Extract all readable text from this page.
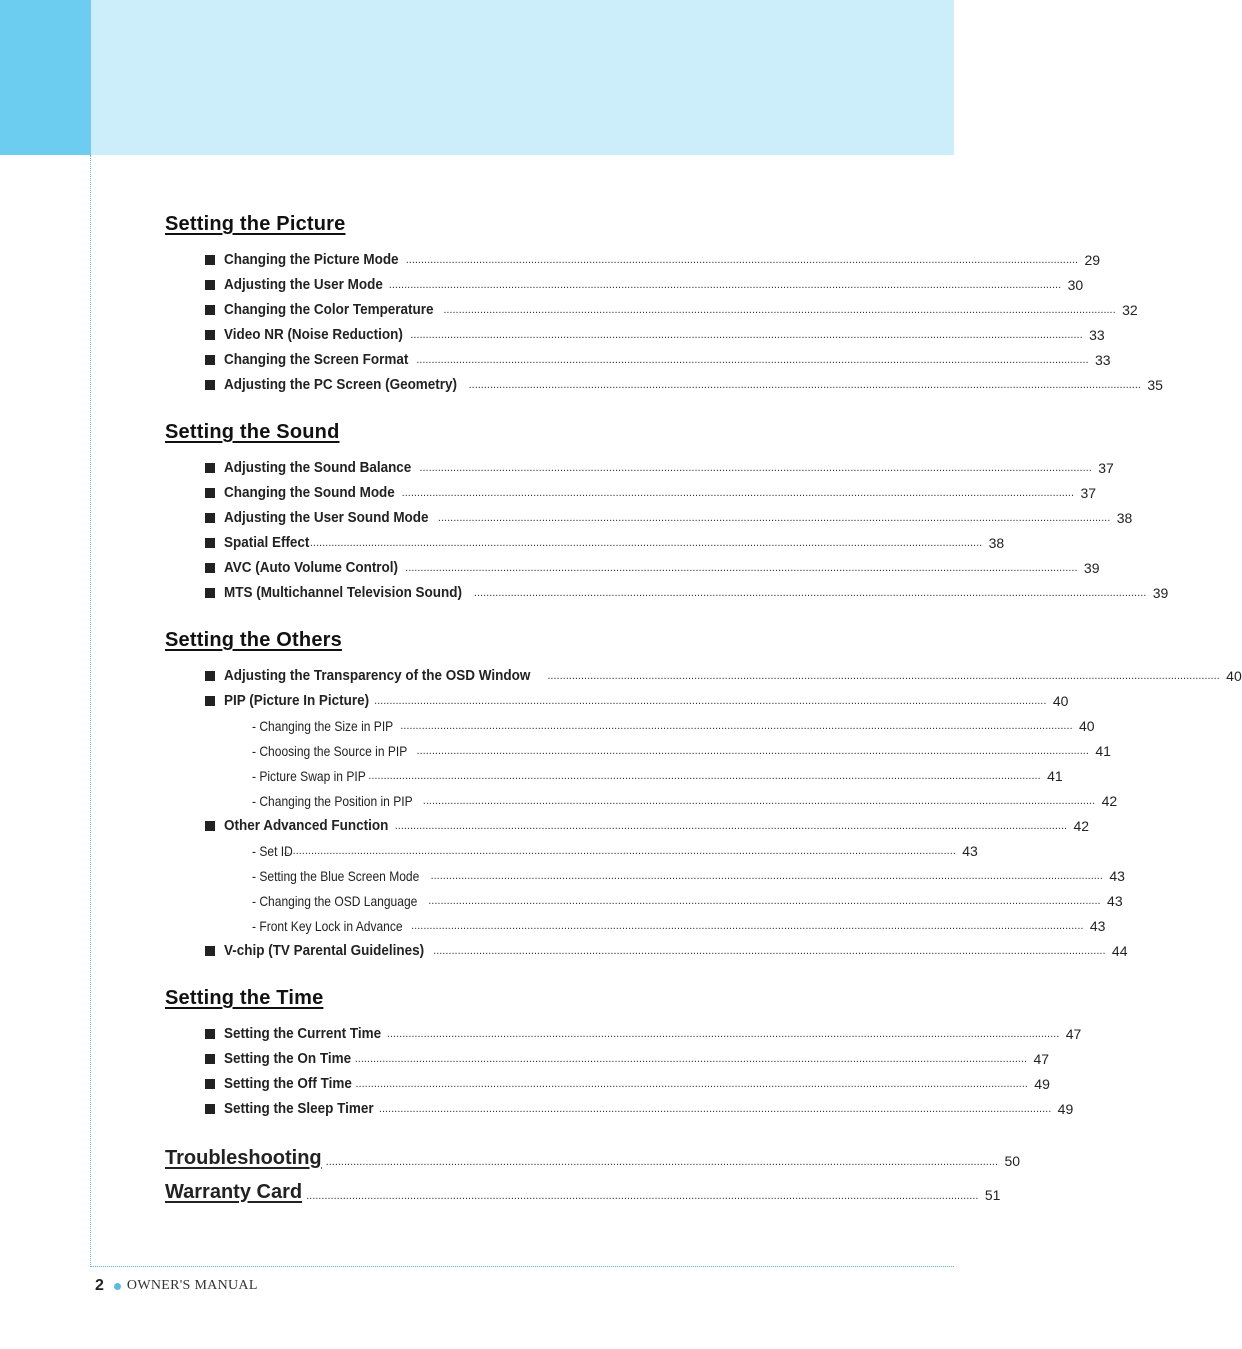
Setting the Picture
Changing the Picture Mode ............................................................................................................................................................................................................................ 29
Adjusting the User Mode ............................................................................................................................................................................................................................ 30
Changing the Color Temperature ............................................................................................................................................................................................................................ 32
Video NR (Noise Reduction) ............................................................................................................................................................................................................................ 33
Changing the Screen Format ............................................................................................................................................................................................................................ 33
Adjusting the PC Screen (Geometry) ............................................................................................................................................................................................................................ 35
Setting the Sound
Adjusting the Sound Balance ............................................................................................................................................................................................................................ 37
Changing the Sound Mode ............................................................................................................................................................................................................................ 37
Adjusting the User Sound Mode ............................................................................................................................................................................................................................ 38
Spatial Effect ............................................................................................................................................................................................................................ 38
AVC (Auto Volume Control) ............................................................................................................................................................................................................................ 39
MTS (Multichannel Television Sound) ............................................................................................................................................................................................................................ 39
Setting the Others
Adjusting the Transparency of the OSD Window ............................................................................................................................................................................................................................ 40
PIP (Picture In Picture) ............................................................................................................................................................................................................................ 40
- Changing the Size in PIP ............................................................................................................................................................................................................................ 40
- Choosing the Source in PIP ............................................................................................................................................................................................................................ 41
- Picture Swap in PIP ............................................................................................................................................................................................................................ 41
- Changing the Position in PIP ............................................................................................................................................................................................................................ 42
Other Advanced Function ............................................................................................................................................................................................................................ 42
- Set ID
............................................................................................................................................................................................................................ 43
- Setting the Blue Screen Mode ............................................................................................................................................................................................................................ 43
- Changing the OSD Language ............................................................................................................................................................................................................................ 43
- Front Key Lock in Advance ............................................................................................................................................................................................................................ 43
V-chip (TV Parental Guidelines) ............................................................................................................................................................................................................................ 44
Setting the Time
Setting the Current Time ............................................................................................................................................................................................................................ 47
Setting the On Time ............................................................................................................................................................................................................................ 47
Setting the Off Time ............................................................................................................................................................................................................................ 49
Setting the Sleep Timer ............................................................................................................................................................................................................................ 49
Troubleshooting ............................................................................................................................................................................................................................ 50
Warranty Card ............................................................................................................................................................................................................................ 51
2 OWNER'S MANUAL
